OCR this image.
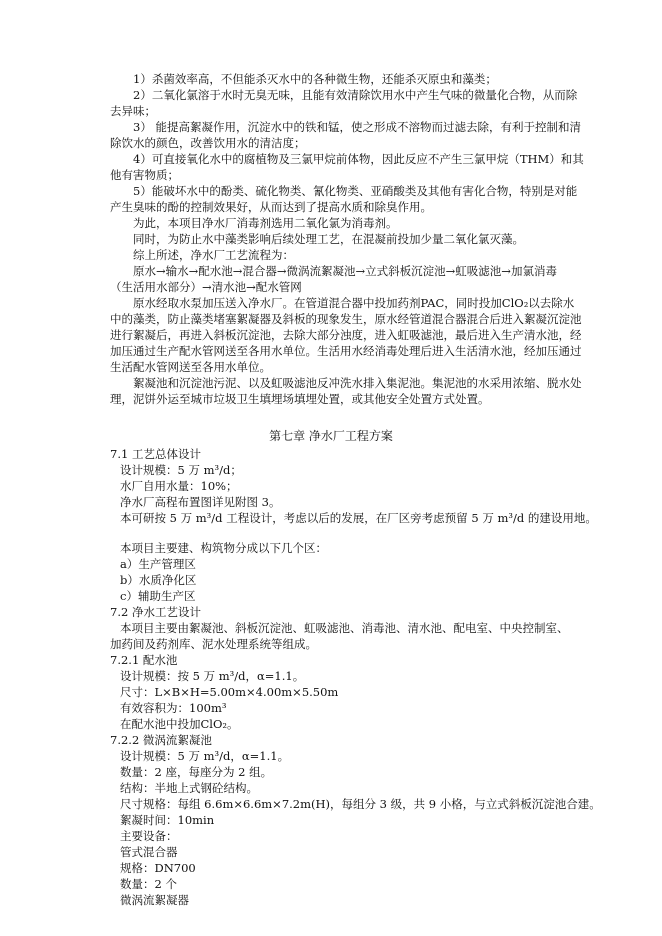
1）杀菌效率高，不但能杀灭水中的各种微生物，还能杀灭原虫和藻类；
2）二氧化氯溶于水时无臭无味，且能有效清除饮用水中产生气味的微量化合物，从而除
去异味；
3） 能提高絮凝作用，沉淀水中的铁和锰，使之形成不溶物而过滤去除，有利于控制和清
除饮水的颜色，改善饮用水的清洁度；
4）可直接氧化水中的腐植物及三氯甲烷前体物，因此反应不产生三氯甲烷（THM）和其
他有害物质；
5）能破坏水中的酚类、硫化物类、氰化物类、亚硝酸类及其他有害化合物，特别是对能
产生臭味的酚的控制效果好，从而达到了提高水质和除臭作用。
为此，本项目净水厂消毒剂选用二氧化氯为消毒剂。
同时，为防止水中藻类影响后续处理工艺，在混凝前投加少量二氧化氯灭藻。
综上所述，净水厂工艺流程为：
原水→输水→配水池→混合器→微涡流絮凝池→立式斜板沉淀池→虹吸滤池→加氯消毒
（生活用水部分）→清水池→配水管网
原水经取水泵加压送入净水厂。在管道混合器中投加药剂PAC，同时投加ClO₂以去除水
中的藻类，防止藻类堵塞絮凝器及斜板的现象发生，原水经管道混合器混合后进入絮凝沉淀池
进行絮凝后，再进入斜板沉淀池，去除大部分浊度，进入虹吸滤池，最后进入生产清水池，经
加压通过生产配水管网送至各用水单位。生活用水经消毒处理后进入生活清水池，经加压通过
生活配水管网送至各用水单位。
絮凝池和沉淀池污泥、以及虹吸滤池反冲洗水排入集泥池。集泥池的水采用浓缩、脱水处
理，泥饼外运至城市垃圾卫生填埋场填埋处置，或其他安全处置方式处置。
第七章 净水厂工程方案
7.1 工艺总体设计
设计规模：5 万 m³/d；
水厂自用水量：10%；
净水厂高程布置图详见附图 3。
本可研按 5 万 m³/d 工程设计，考虑以后的发展，在厂区旁考虑预留 5 万 m³/d 的建设用地。
本项目主要建、构筑物分成以下几个区：
a）生产管理区
b）水质净化区
c）辅助生产区
7.2 净水工艺设计
本项目主要由絮凝池、斜板沉淀池、虹吸滤池、消毒池、清水池、配电室、中央控制室、
加药间及药剂库、泥水处理系统等组成。
7.2.1 配水池
设计规模：按 5 万 m³/d，α=1.1。
尺寸：L×B×H=5.00m×4.00m×5.50m
有效容积为：100m³
在配水池中投加ClO₂。
7.2.2 微涡流絮凝池
设计规模：5 万 m³/d，α=1.1。
数量：2 座，每座分为 2 组。
结构：半地上式钢砼结构。
尺寸规格：每组 6.6m×6.6m×7.2m(H)，每组分 3 级，共 9 小格，与立式斜板沉淀池合建。
絮凝时间：10min
主要设备：
管式混合器
规格：DN700
数量：2 个
微涡流絮凝器
